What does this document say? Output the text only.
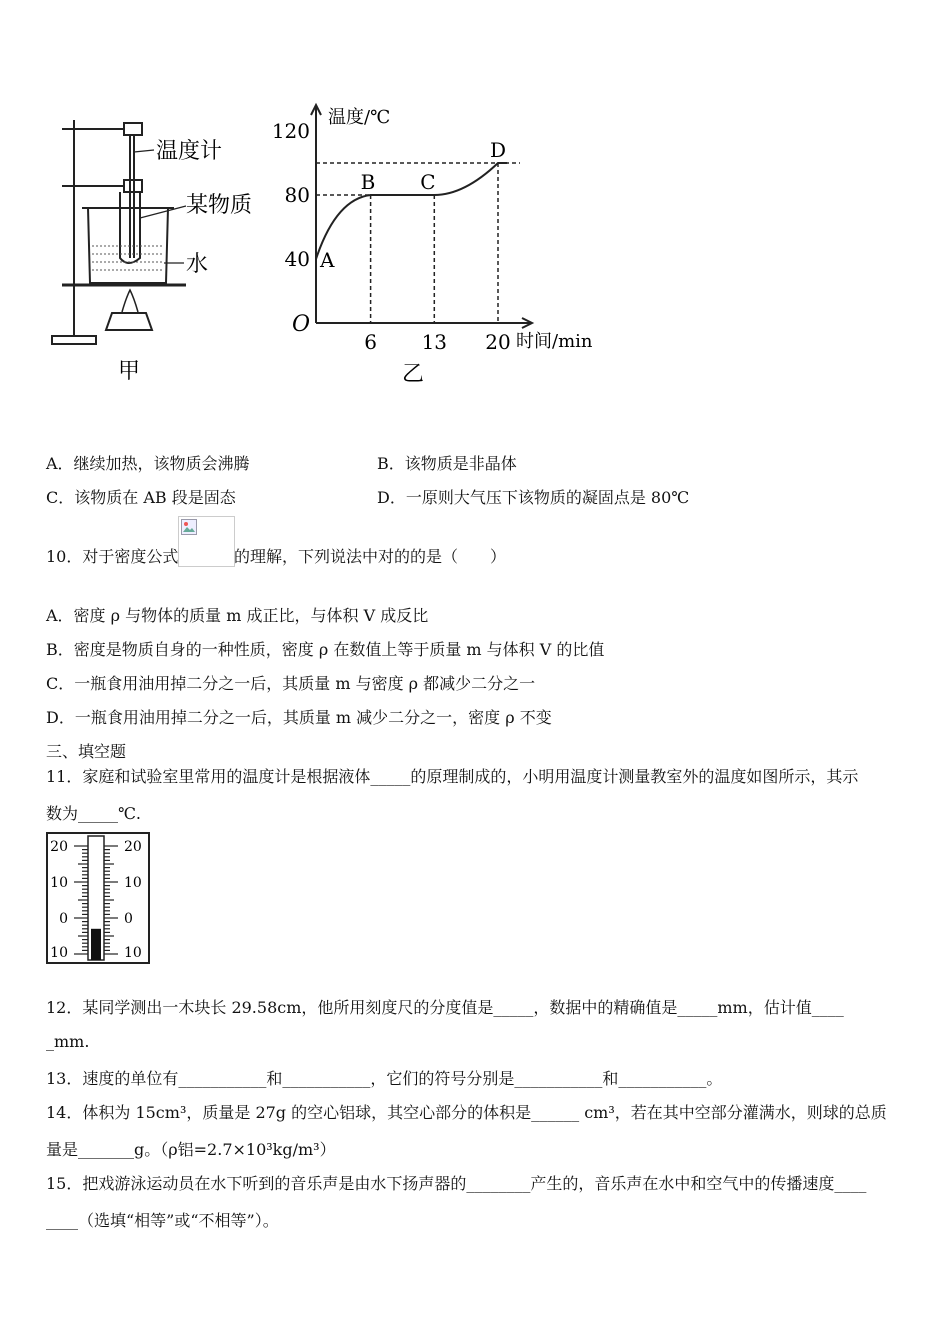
温度计
某物质
水
甲
40
80
120
6 13 20
A
B C
D
温度/℃
时间/min
O
乙
A．继续加热，该物质会沸腾	B．该物质是非晶体
C．该物质在 AB 段是固态	D．一原则大气压下该物质的凝固点是 80℃
10．对于密度公式	的理解，下列说法中对的的是（　　）
A．密度 ρ 与物体的质量 m 成正比，与体积 V 成反比
B．密度是物质自身的一种性质，密度 ρ 在数值上等于质量 m 与体积 V 的比值
C．一瓶食用油用掉二分之一后，其质量 m 与密度 ρ 都减少二分之一
D．一瓶食用油用掉二分之一后，其质量 m 减少二分之一，密度 ρ 不变
三、填空题
11．家庭和试验室里常用的温度计是根据液体_____的原理制成的，小明用温度计测量教室外的温度如图所示，其示
数为_____℃.
20
10
0
10
20
10
0
10
12．某同学测出一木块长 29.58cm，他所用刻度尺的分度值是_____，数据中的精确值是_____mm，估计值____
_mm.
13．速度的单位有___________和___________，它们的符号分别是___________和___________。
14．体积为 15cm³，质量是 27g 的空心铝球，其空心部分的体积是______ cm³，若在其中空部分灌满水，则球的总质
量是_______g。（ρ铝=2.7×10³kg/m³）
15．把戏游泳运动员在水下听到的音乐声是由水下扬声器的________产生的，音乐声在水中和空气中的传播速度____
____（选填“相等”或“不相等”）。
